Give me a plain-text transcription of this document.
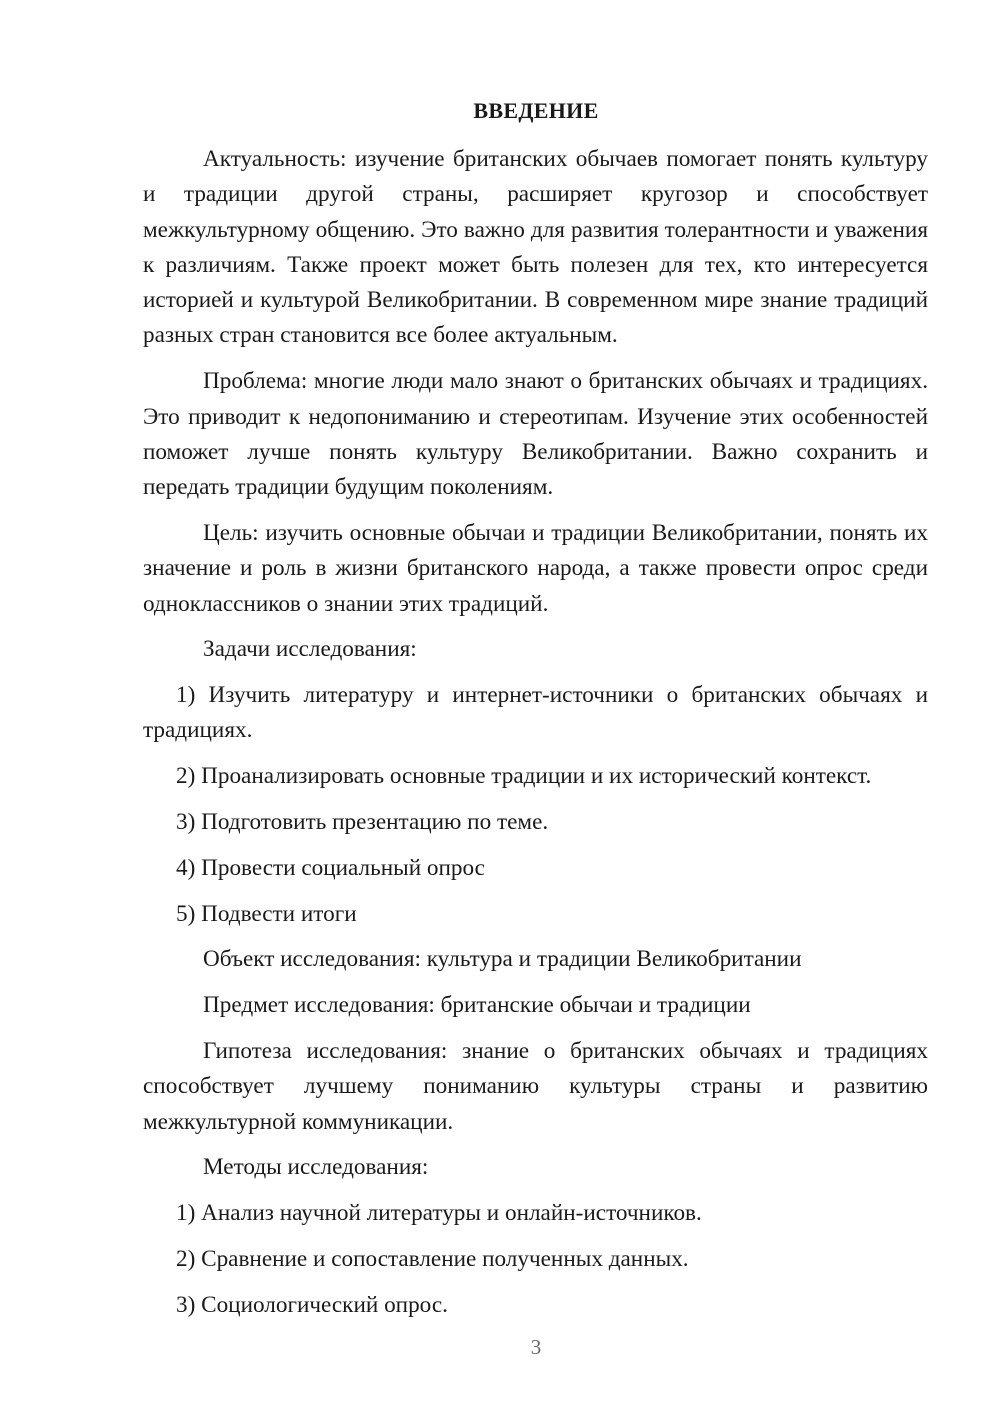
ВВЕДЕНИЕ

Актуальность: изучение британских обычаев помогает понять культуру и традиции другой страны, расширяет кругозор и способствует межкультурному общению. Это важно для развития толерантности и уважения к различиям. Также проект может быть полезен для тех, кто интересуется историей и культурой Великобритании. В современном мире знание традиций разных стран становится все более актуальным.

Проблема: многие люди мало знают о британских обычаях и традициях. Это приводит к недопониманию и стереотипам. Изучение этих особенностей поможет лучше понять культуру Великобритании. Важно сохранить и передать традиции будущим поколениям.

Цель: изучить основные обычаи и традиции Великобритании, понять их значение и роль в жизни британского народа, а также провести опрос среди одноклассников о знании этих традиций.

Задачи исследования:

1) Изучить литературу и интернет-источники о британских обычаях и традициях.

2) Проанализировать основные традиции и их исторический контекст.

3) Подготовить презентацию по теме.

4) Провести социальный опрос

5) Подвести итоги

Объект исследования: культура и традиции Великобритании

Предмет исследования: британские обычаи и традиции

Гипотеза исследования: знание о британских обычаях и традициях способствует лучшему пониманию культуры страны и развитию межкультурной коммуникации.

Методы исследования:

1) Анализ научной литературы и онлайн-источников.

2) Сравнение и сопоставление полученных данных.

3) Социологический опрос.

3
